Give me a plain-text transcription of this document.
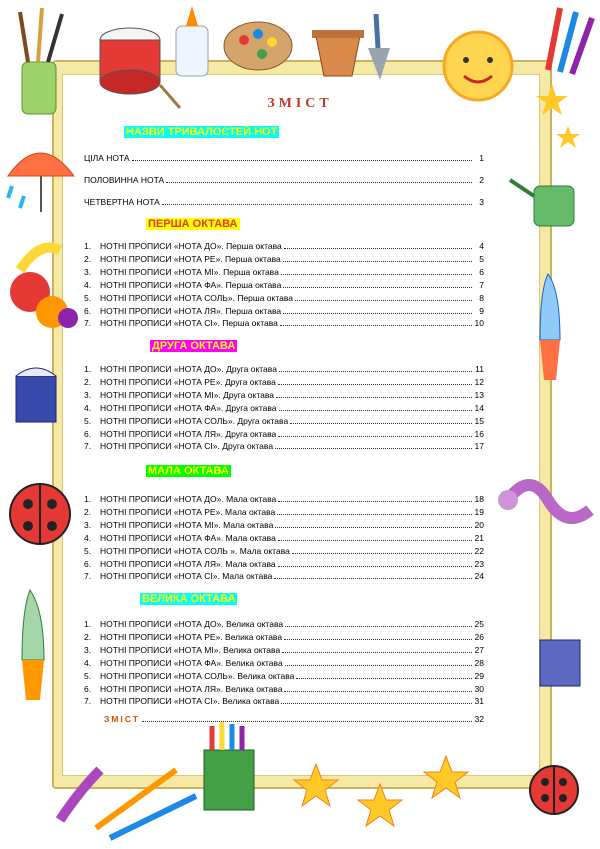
ЗМІСТ
НАЗВИ ТРИВАЛОСТЕЙ НОТ
ЦІЛА НОТА	1
ПОЛОВИННА НОТА	2
ЧЕТВЕРТНА НОТА	3
ПЕРША ОКТАВА
1.	НОТНІ ПРОПИСИ «НОТА ДО». Перша октава	4
2.	НОТНІ ПРОПИСИ «НОТА РЕ». Перша октава	5
3.	НОТНІ ПРОПИСИ «НОТА МІ». Перша октава	6
4.	НОТНІ ПРОПИСИ «НОТА ФА». Перша октава	7
5.	НОТНІ ПРОПИСИ «НОТА СОЛЬ». Перша октава	8
6.	НОТНІ ПРОПИСИ «НОТА ЛЯ». Перша октава	9
7.	НОТНІ ПРОПИСИ «НОТА СІ». Перша октава	10
ДРУГА ОКТАВА
1.	НОТНІ ПРОПИСИ «НОТА ДО». Друга октава	11
2.	НОТНІ ПРОПИСИ «НОТА РЕ». Друга октава	12
3.	НОТНІ ПРОПИСИ «НОТА МІ». Друга октава	13
4.	НОТНІ ПРОПИСИ «НОТА ФА». Друга октава	14
5.	НОТНІ ПРОПИСИ «НОТА СОЛЬ». Друга октава	15
6.	НОТНІ ПРОПИСИ «НОТА ЛЯ». Друга октава	16
7.	НОТНІ ПРОПИСИ «НОТА СІ». Друга октава	17
МАЛА ОКТАВА
1.	НОТНІ ПРОПИСИ «НОТА ДО». Мала октава	18
2.	НОТНІ ПРОПИСИ «НОТА РЕ». Мала октава	19
3.	НОТНІ ПРОПИСИ «НОТА МІ». Мала октава	20
4.	НОТНІ ПРОПИСИ «НОТА ФА». Мала октава	21
5.	НОТНІ ПРОПИСИ «НОТА СОЛЬ ». Мала октава	22
6.	НОТНІ ПРОПИСИ «НОТА ЛЯ». Мала октава	23
7.	НОТНІ ПРОПИСИ «НОТА СІ». Мала октава	24
ВЕЛИКА ОКТАВА
1.	НОТНІ ПРОПИСИ «НОТА ДО». Велика октава	25
2.	НОТНІ ПРОПИСИ «НОТА РЕ». Велика октава	26
3.	НОТНІ ПРОПИСИ «НОТА МІ». Велика октава	27
4.	НОТНІ ПРОПИСИ «НОТА ФА». Велика октава	28
5.	НОТНІ ПРОПИСИ «НОТА СОЛЬ». Велика октава	29
6.	НОТНІ ПРОПИСИ «НОТА ЛЯ». Велика октава	30
7.	НОТНІ ПРОПИСИ «НОТА СІ». Велика октава	31
ЗМІСТ	32
